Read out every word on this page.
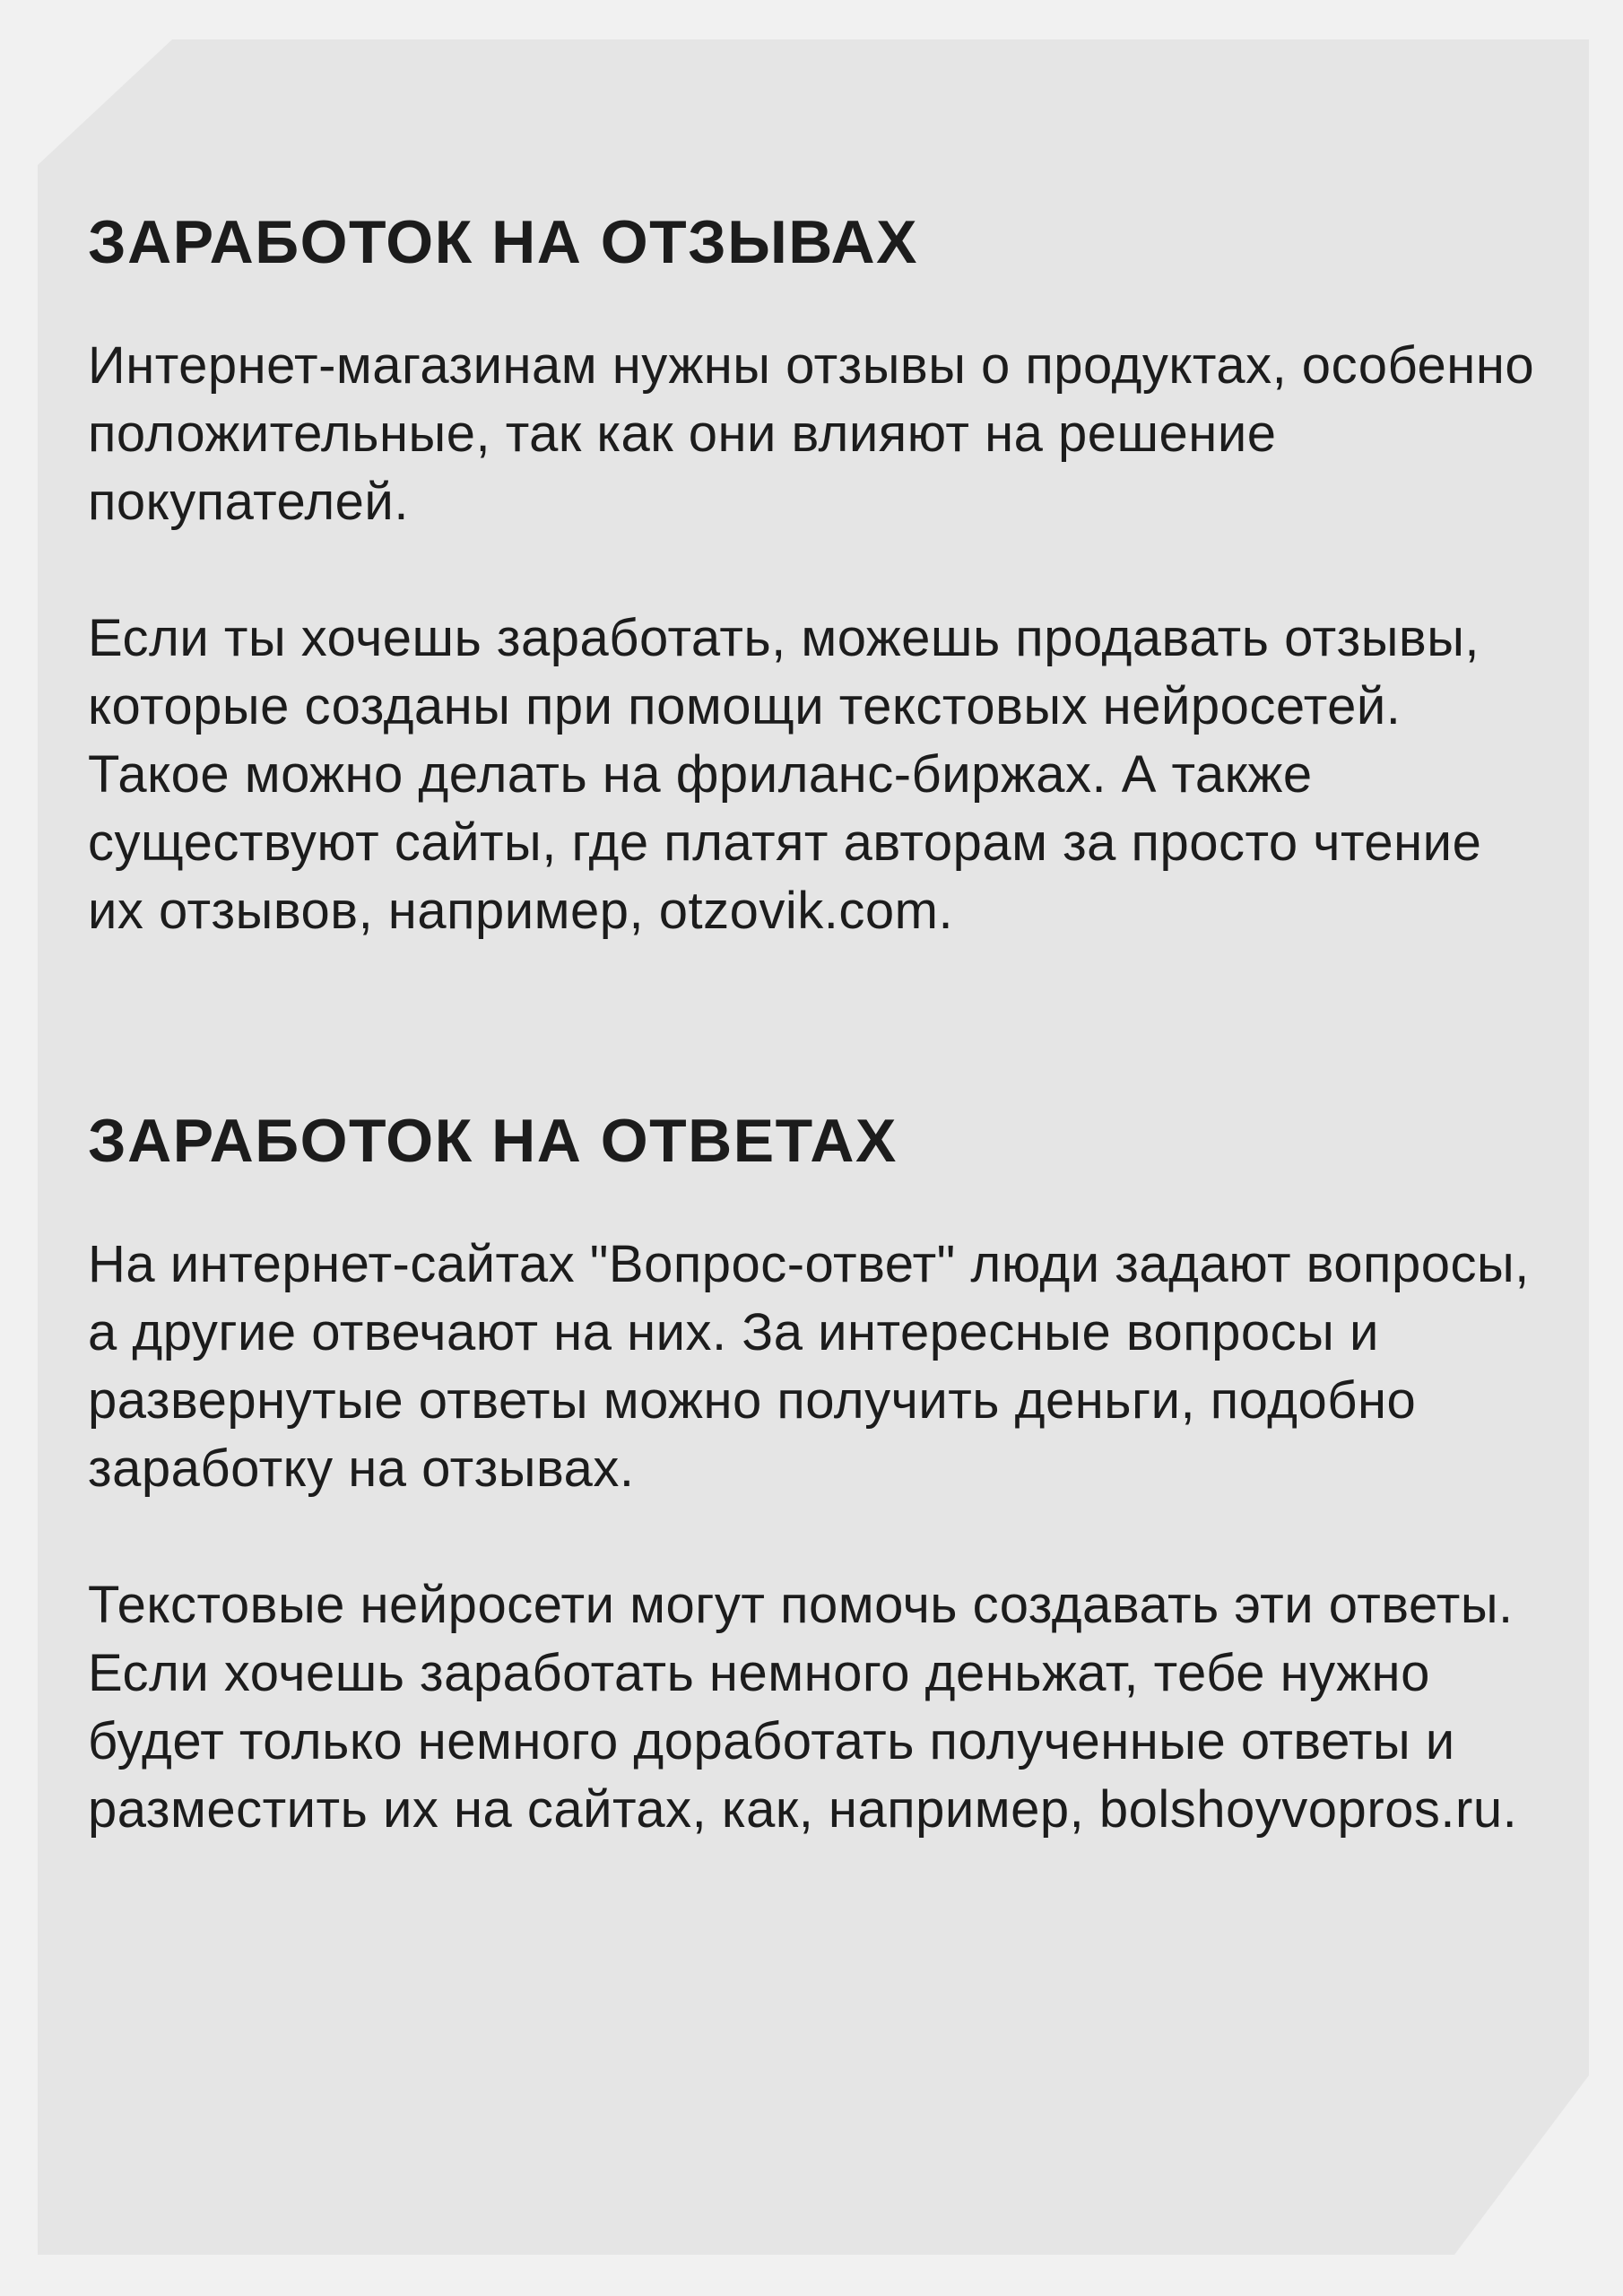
ЗАРАБОТОК НА ОТЗЫВАХ

Интернет-магазинам нужны отзывы о продуктах, особенно положительные, так как они влияют на решение покупателей.

Если ты хочешь заработать, можешь продавать отзывы, которые созданы при помощи текстовых нейросетей. Такое можно делать на фриланс-биржах. А также существуют сайты, где платят авторам за просто чтение их отзывов, например, otzovik.com.

ЗАРАБОТОК НА ОТВЕТАХ

На интернет-сайтах "Вопрос-ответ" люди задают вопросы, а другие отвечают на них. За интересные вопросы и развернутые ответы можно получить деньги, подобно заработку на отзывах.

Текстовые нейросети могут помочь создавать эти ответы. Если хочешь заработать немного деньжат, тебе нужно будет только немного доработать полученные ответы и разместить их на сайтах, как, например, bolshoyvopros.ru.
